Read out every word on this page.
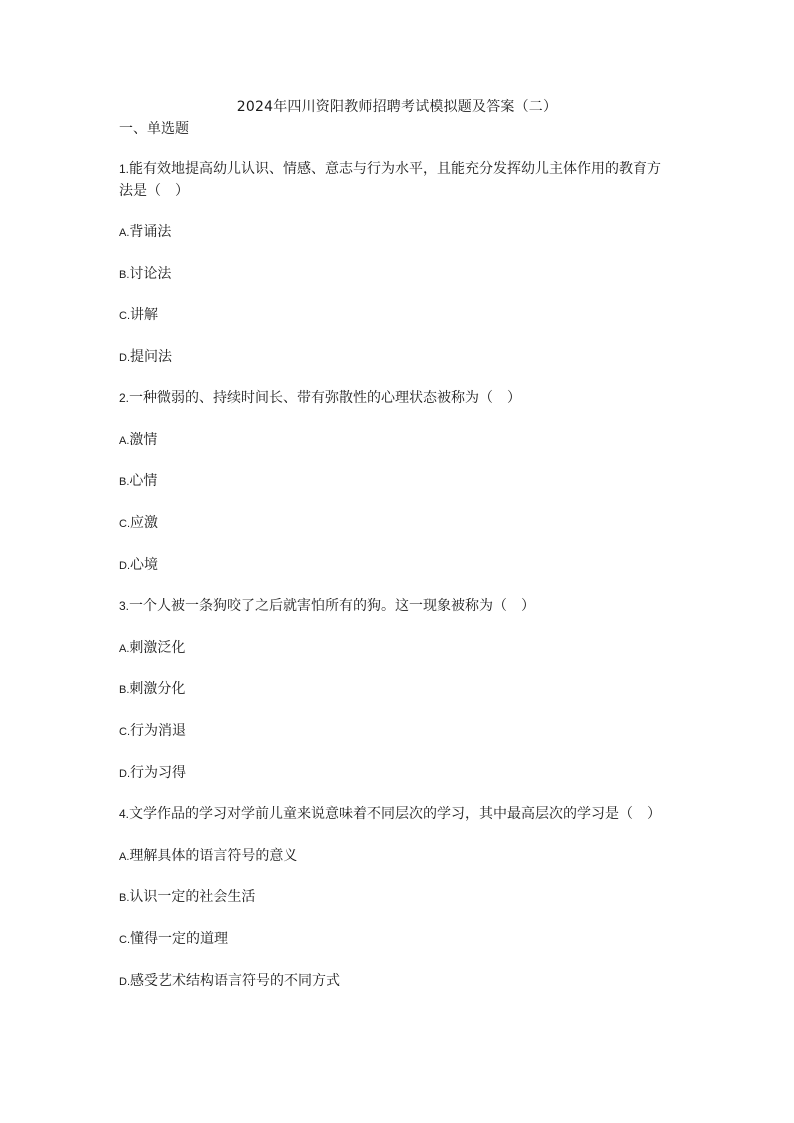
2024年四川资阳教师招聘考试模拟题及答案（二）
一、单选题
1.能有效地提高幼儿认识、情感、意志与行为水平，且能充分发挥幼儿主体作用的教育方法是（　）
A.背诵法
B.讨论法
C.讲解
D.提问法
2.一种微弱的、持续时间长、带有弥散性的心理状态被称为（　）
A.激情
B.心情
C.应激
D.心境
3.一个人被一条狗咬了之后就害怕所有的狗。这一现象被称为（　）
A.刺激泛化
B.刺激分化
C.行为消退
D.行为习得
4.文学作品的学习对学前儿童来说意味着不同层次的学习，其中最高层次的学习是（　）
A.理解具体的语言符号的意义
B.认识一定的社会生活
C.懂得一定的道理
D.感受艺术结构语言符号的不同方式
